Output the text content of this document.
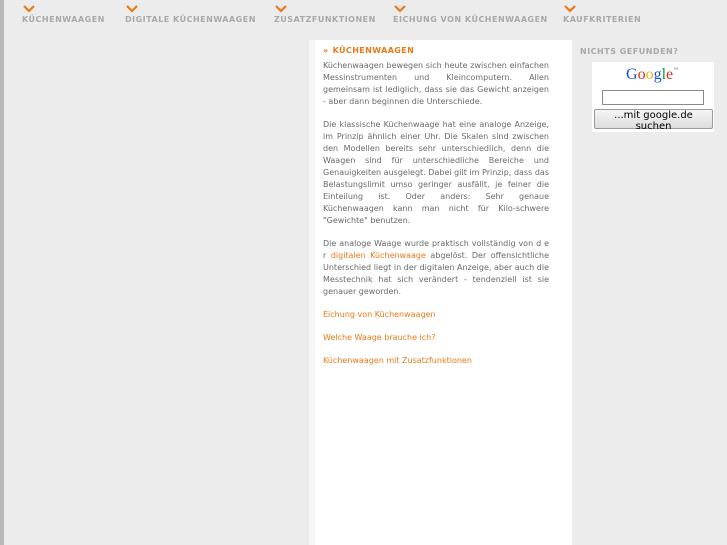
KÜCHENWAAGEN	DIGITALE KÜCHENWAAGEN ZUSATZFUNKTIONEN EICHUNG VON KÜCHENWAAGEN KAUFKRITERIEN
» KÜCHENWAAGEN

Küchenwaagen bewegen sich heute zwischen einfachen Messinstrumenten und Kleincomputern. Allen gemeinsam ist lediglich, dass sie das Gewicht anzeigen - aber dann beginnen die Unterschiede.

Die klassische Küchenwaage hat eine analoge Anzeige, im Prinzip ähnlich einer Uhr. Die Skalen sind zwischen den Modellen bereits sehr unterschiedlich, denn die Waagen sind für unterschiedliche Bereiche und Genauigkeiten ausgelegt. Dabei gilt im Prinzip, dass das Belastungslimit umso geringer ausfällt, je feiner die Einteilung ist. Oder anders: Sehr genaue Küchenwaagen kann man nicht für Kilo-schwere "Gewichte" benutzen.

Die analoge Waage wurde praktisch vollständig von d e r digitalen Küchenwaage abgelöst. Der offensichtliche Unterschied liegt in der digitalen Anzeige, aber auch die Messtechnik hat sich verändert - tendenziell ist sie genauer geworden.

Eichung von Küchenwaagen
Welche Waage brauche ich?
Küchenwaagen mit Zusatzfunktionen
NICHTS GEFUNDEN?
Google™
...mit google.de suchen
